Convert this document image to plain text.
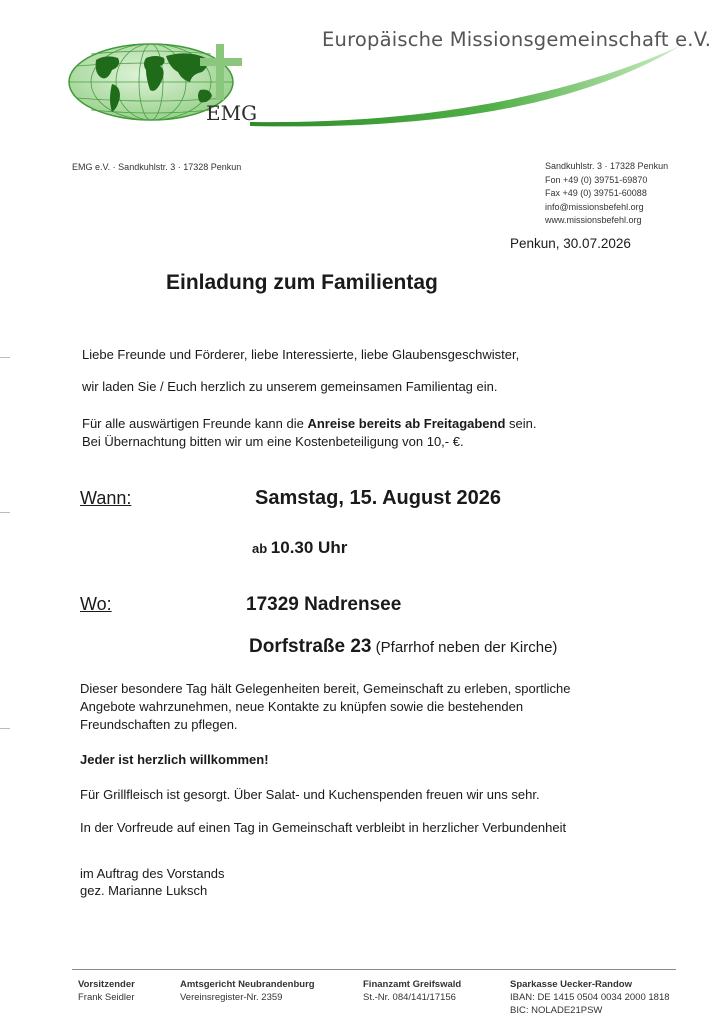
Europäische Missionsgemeinschaft e.V.
EMG
EMG e.V. · Sandkuhlstr. 3 · 17328 Penkun	Sandkuhlstr. 3 · 17328 Penkun
Fon +49 (0) 39751-69870
Fax +49 (0) 39751-60088
info@missionsbefehl.org
www.missionsbefehl.org
Penkun, 30.07.2026
Einladung zum Familientag
Liebe Freunde und Förderer, liebe Interessierte, liebe Glaubensgeschwister,
wir laden Sie / Euch herzlich zu unserem gemeinsamen Familientag ein.
Für alle auswärtigen Freunde kann die Anreise bereits ab Freitagabend sein.
Bei Übernachtung bitten wir um eine Kostenbeteiligung von 10,- €.
Wann:	Samstag, 15. August 2026
ab 10.30 Uhr
Wo:	17329 Nadrensee
Dorfstraße 23 (Pfarrhof neben der Kirche)
Dieser besondere Tag hält Gelegenheiten bereit, Gemeinschaft zu erleben, sportliche
Angebote wahrzunehmen, neue Kontakte zu knüpfen sowie die bestehenden
Freundschaften zu pflegen.
Jeder ist herzlich willkommen!
Für Grillfleisch ist gesorgt. Über Salat- und Kuchenspenden freuen wir uns sehr.
In der Vorfreude auf einen Tag in Gemeinschaft verbleibt in herzlicher Verbundenheit
im Auftrag des Vorstands
gez. Marianne Luksch
Vorsitzender
Frank Seidler
Amtsgericht Neubrandenburg
Vereinsregister-Nr. 2359
Finanzamt Greifswald
St.-Nr. 084/141/17156
Sparkasse Uecker-Randow
IBAN: DE 1415 0504 0034 2000 1818
BIC: NOLADE21PSW
